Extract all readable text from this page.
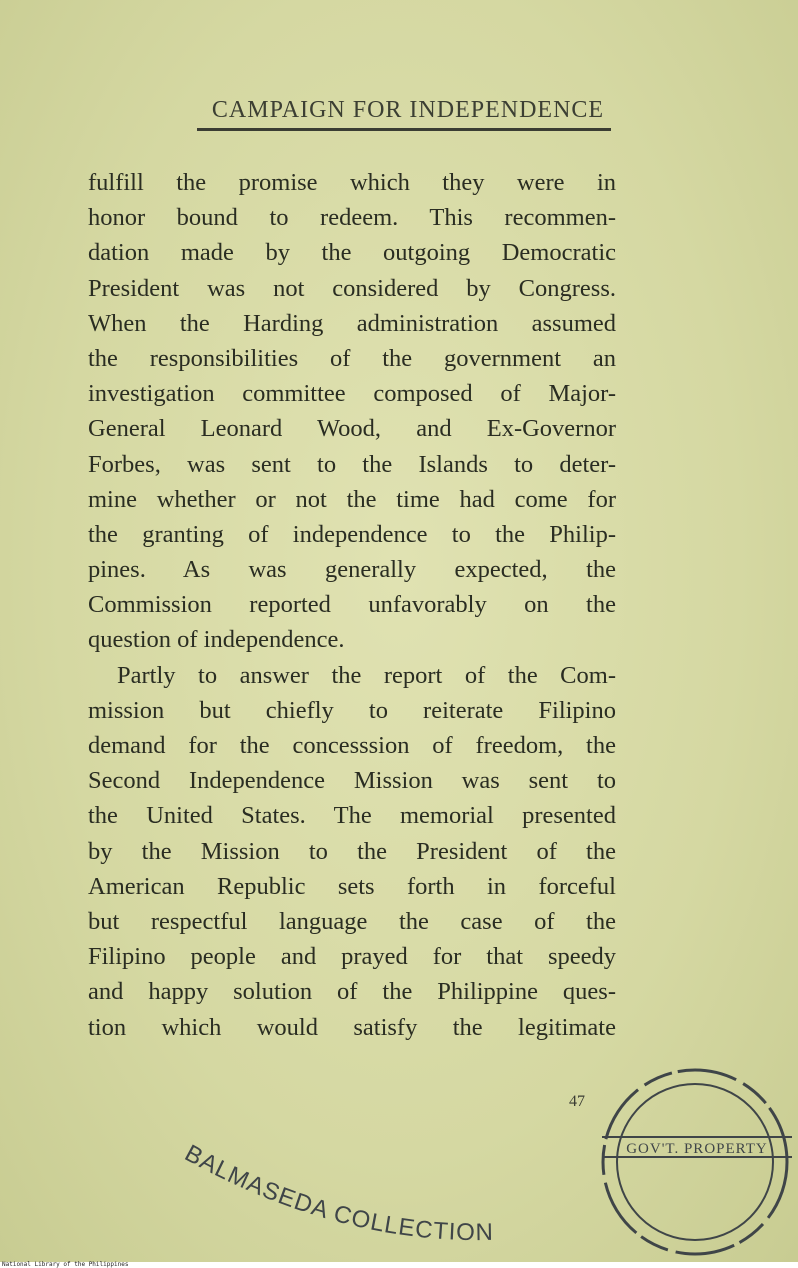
CAMPAIGN FOR INDEPENDENCE
fulfill the promise which they were in
honor bound to redeem. This recommen-
dation made by the outgoing Democratic
President was not considered by Congress.
When the Harding administration assumed
the responsibilities of the government an
investigation committee composed of Major-
General Leonard Wood, and Ex-Governor
Forbes, was sent to the Islands to deter-
mine whether or not the time had come for
the granting of independence to the Philip-
pines. As was generally expected, the
Commission reported unfavorably on the
question of independence.
Partly to answer the report of the Com-
mission but chiefly to reiterate Filipino
demand for the concesssion of freedom, the
Second Independence Mission was sent to
the United States. The memorial presented
by the Mission to the President of the
American Republic sets forth in forceful
but respectful language the case of the
Filipino people and prayed for that speedy
and happy solution of the Philippine ques-
tion which would satisfy the legitimate
47
BALMASEDA COLLECTION
GOV'T. PROPERTY
National Library of the Philippines
